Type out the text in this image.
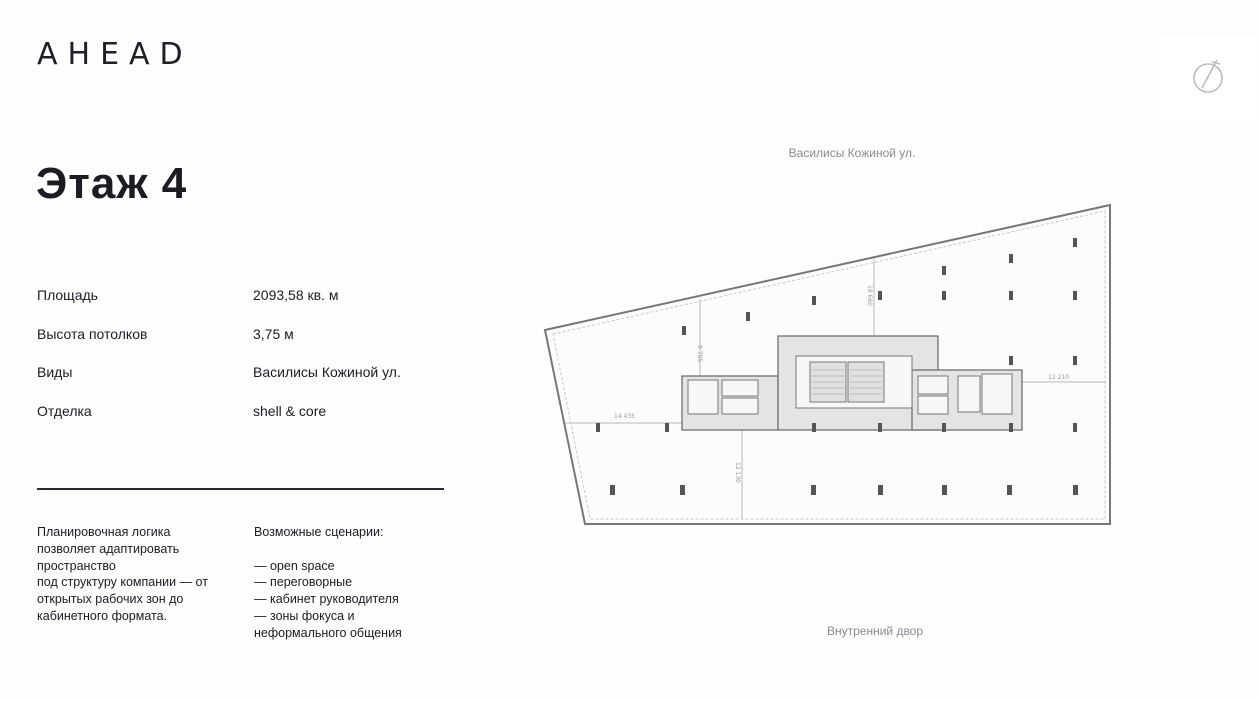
AHEAD
Этаж 4
Площадь	2093,58 кв. м
Высота потолков	3,75 м
Виды	Василисы Кожиной ул.
Отделка	shell & core
Планировочная логика
позволяет адаптировать
пространство
под структуру компании — от
открытых рабочих зон до
кабинетного формата.
Возможные сценарии:
— open space
— переговорные
— кабинет руководителя
— зоны фокуса и
неформального общения
Василисы Кожиной ул.
Внутренний двор
14 435
9 795
18 660
12 210
12 130
